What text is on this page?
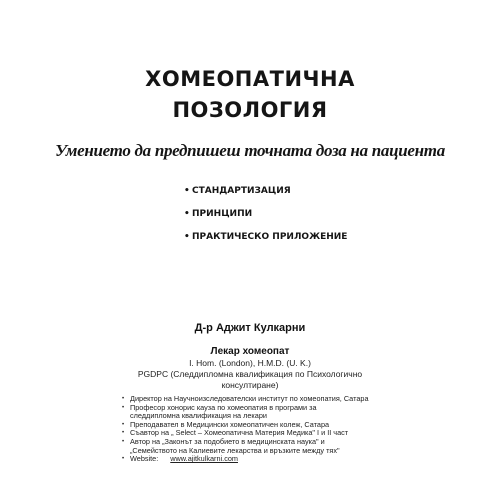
ХОМЕОПАТИЧНА
ПОЗОЛОГИЯ
Умението да предпишеш точната доза на пациента
• СТАНДАРТИЗАЦИЯ
• ПРИНЦИПИ
• ПРАКТИЧЕСКО ПРИЛОЖЕНИЕ
Д-р Аджит Кулкарни
Лекар хомеопат
I. Hom. (London), H.M.D. (U. K.)
PGDPC (Следдипломна квалификация по Психологично
консултиране)
• Директор на Научноизследователски институт по хомеопатия, Сатара
• Професор хонорис кауза по хомеопатия в програми за
следдипломна квалификация на лекари
• Преподавател в Медицински хомеопатичен колеж, Сатара
• Съавтор на „ Select – Хомеопатична Материя Медика" I и II част
• Автор на „Законът за подобието в медицинската наука" и
„Семейството на Калиевите лекарства и връзките между тях"
• Website: www.ajitkulkarni.com
